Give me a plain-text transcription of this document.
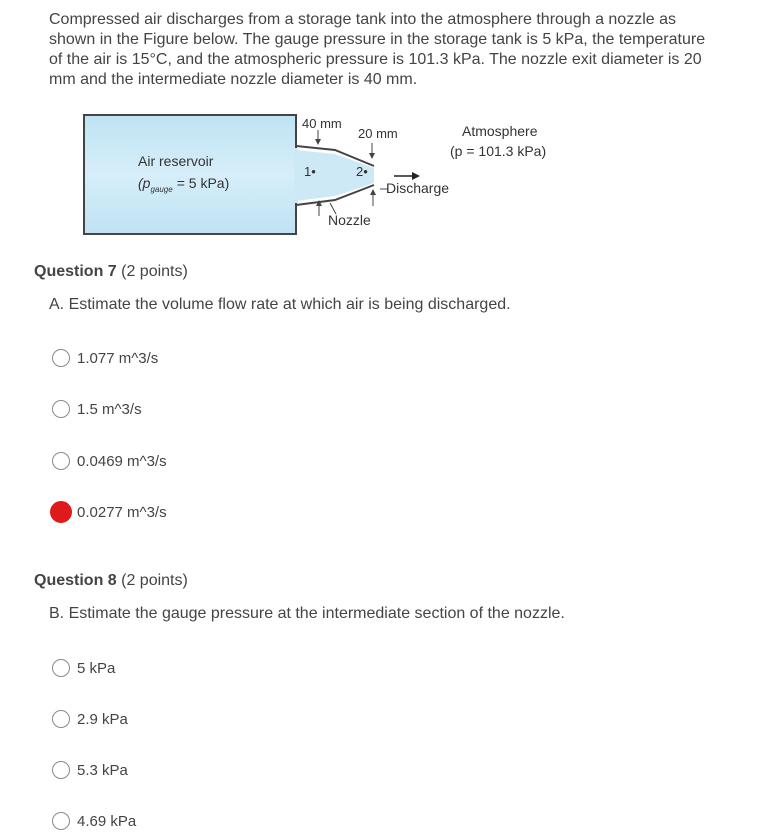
Compressed air discharges from a storage tank into the atmosphere through a nozzle as shown in the Figure below. The gauge pressure in the storage tank is 5 kPa, the temperature of the air is 15°C, and the atmospheric pressure is 101.3 kPa. The nozzle exit diameter is 20 mm and the intermediate nozzle diameter is 40 mm.

40 mm
20 mm
Air reservoir
($p_{gauge} = 5$ kPa)
Atmosphere
(p = 101.3 kPa)
1•	2•
Discharge
Nozzle
Question 7 (2 points)
A. Estimate the volume flow rate at which air is being discharged.
1.077 m^3/s
1.5 m^3/s
0.0469 m^3/s
0.0277 m^3/s
Question 8 (2 points)
B. Estimate the gauge pressure at the intermediate section of the nozzle.
5 kPa
2.9 kPa
5.3 kPa
4.69 kPa
